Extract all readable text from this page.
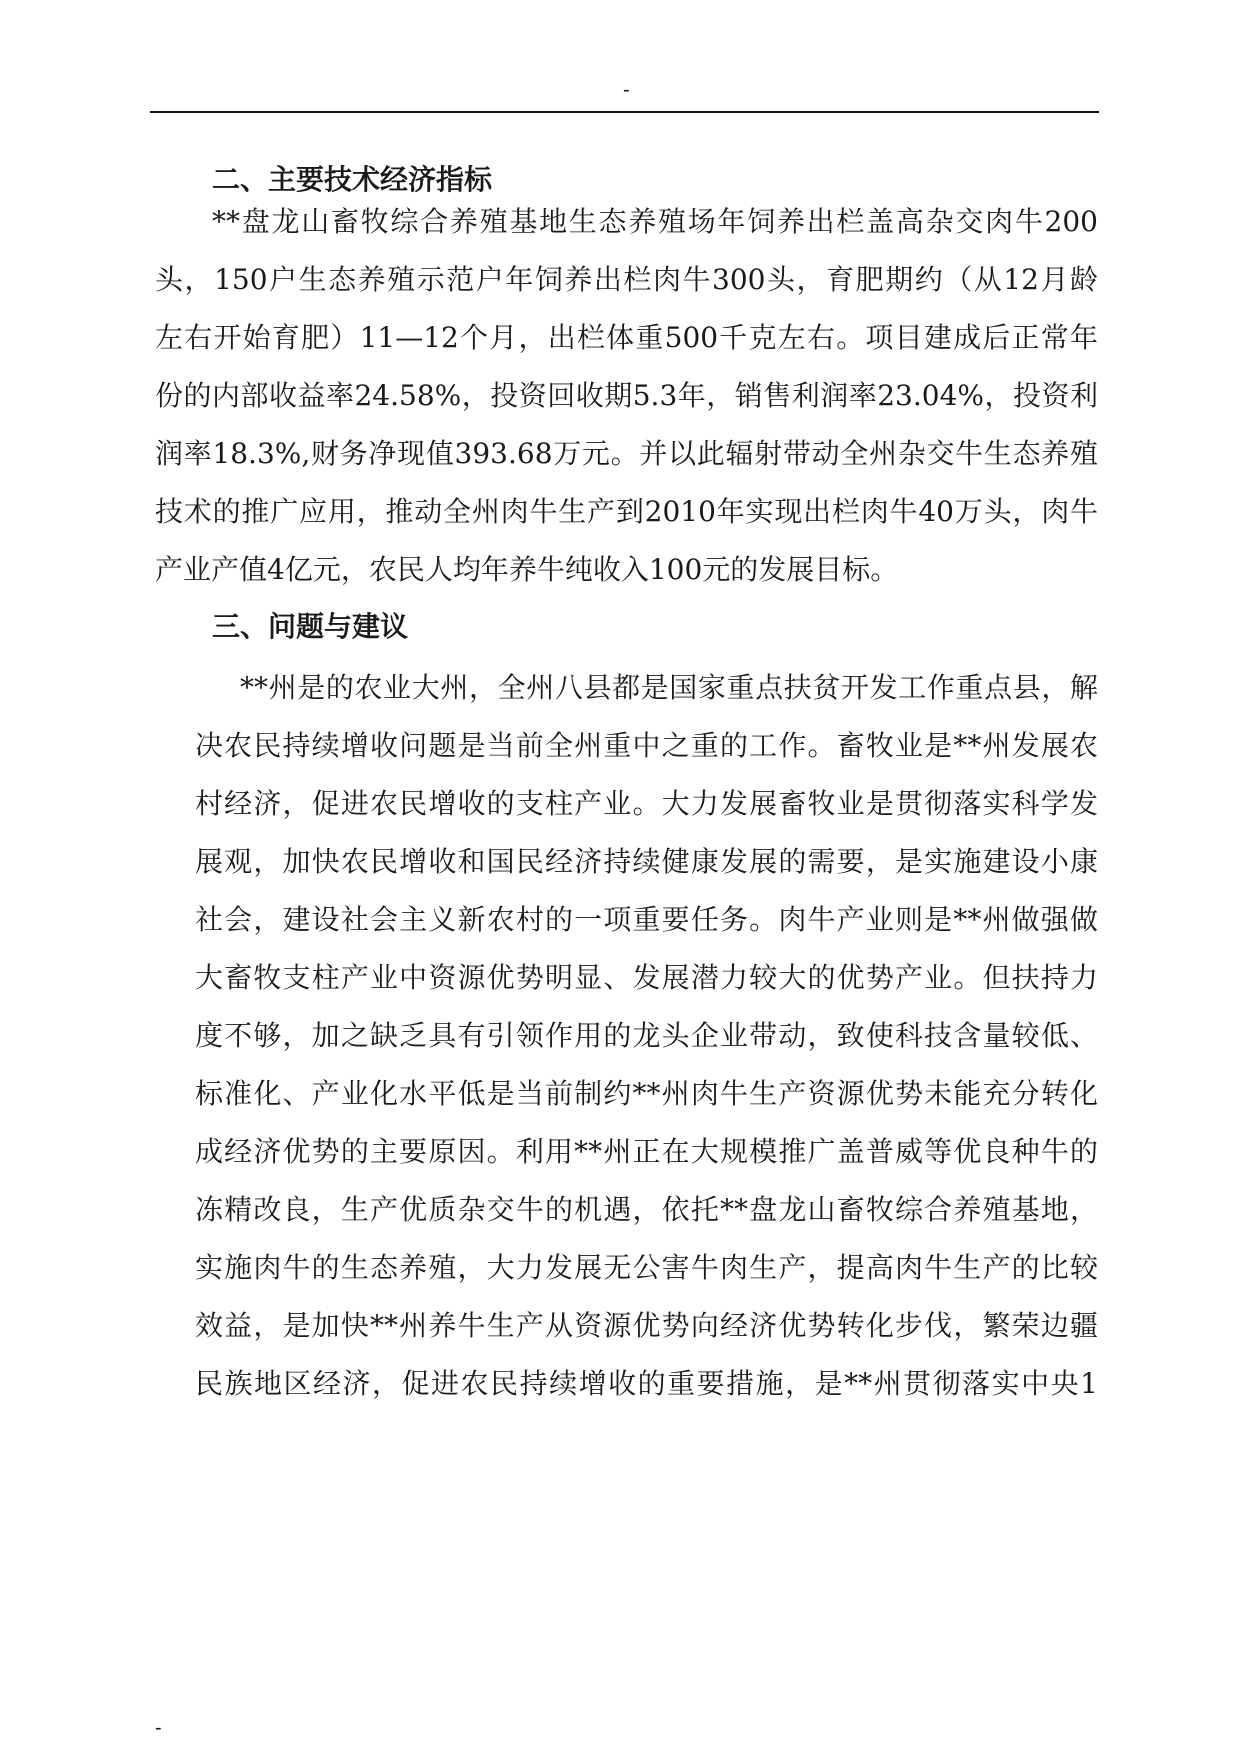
-
二、主要技术经济指标
**盘龙山畜牧综合养殖基地生态养殖场年饲养出栏盖高杂交肉牛200
头，150户生态养殖示范户年饲养出栏肉牛300头，育肥期约（从12月龄
左右开始育肥）11—12个月，出栏体重500千克左右。项目建成后正常年
份的内部收益率24.58%，投资回收期5.3年，销售利润率23.04%，投资利
润率18.3%,财务净现值393.68万元。并以此辐射带动全州杂交牛生态养殖
技术的推广应用，推动全州肉牛生产到2010年实现出栏肉牛40万头，肉牛
产业产值4亿元，农民人均年养牛纯收入100元的发展目标。
三、问题与建议
**州是的农业大州，全州八县都是国家重点扶贫开发工作重点县，解
决农民持续增收问题是当前全州重中之重的工作。畜牧业是**州发展农
村经济，促进农民增收的支柱产业。大力发展畜牧业是贯彻落实科学发
展观，加快农民增收和国民经济持续健康发展的需要，是实施建设小康
社会，建设社会主义新农村的一项重要任务。肉牛产业则是**州做强做
大畜牧支柱产业中资源优势明显、发展潜力较大的优势产业。但扶持力
度不够，加之缺乏具有引领作用的龙头企业带动，致使科技含量较低、
标准化、产业化水平低是当前制约**州肉牛生产资源优势未能充分转化
成经济优势的主要原因。利用**州正在大规模推广盖普威等优良种牛的
冻精改良，生产优质杂交牛的机遇，依托**盘龙山畜牧综合养殖基地，
实施肉牛的生态养殖，大力发展无公害牛肉生产，提高肉牛生产的比较
效益，是加快**州养牛生产从资源优势向经济优势转化步伐，繁荣边疆
民族地区经济，促进农民持续增收的重要措施，是**州贯彻落实中央1
-
